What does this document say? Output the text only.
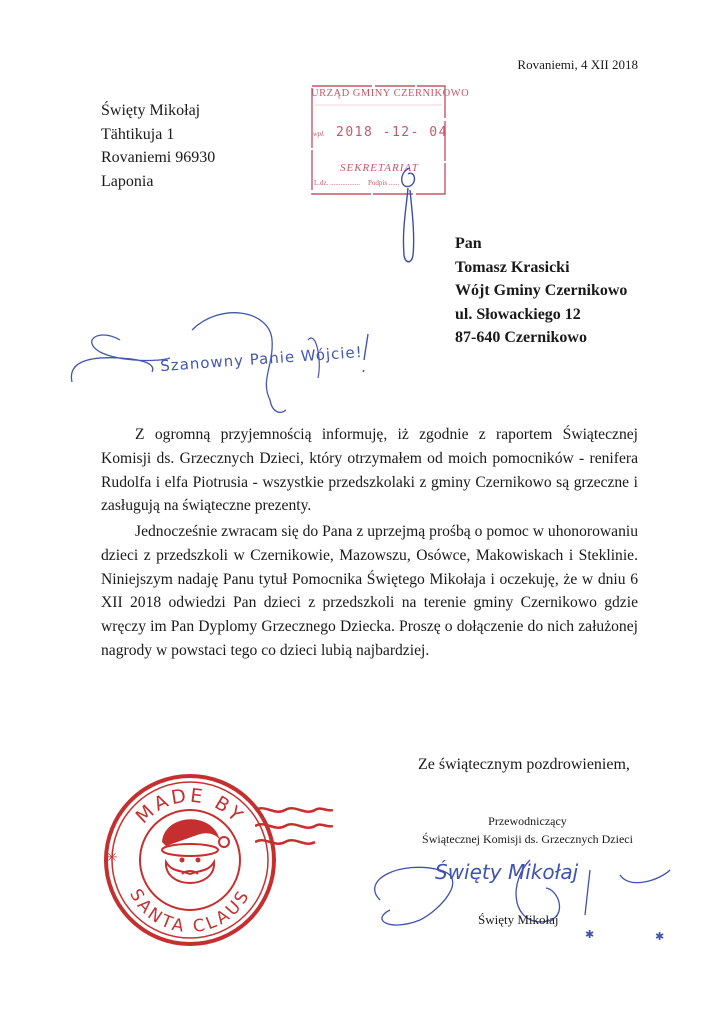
Rovaniemi, 4 XII 2018
Święty Mikołaj
Tähtikuja 1
Rovaniemi 96930
Laponia
URZĄD GMINY CZERNIKOWO
wpł. 2018 -12- 04
SEKRETARIAT
L.dz. ................. Podpis ......
Pan
Tomasz Krasicki
Wójt Gminy Czernikowo
ul. Słowackiego 12
87-640 Czernikowo
Szanowny Panie Wójcie!

Z ogromną przyjemnością informuję, iż zgodnie z raportem Świątecznej Komisji ds. Grzecznych Dzieci, który otrzymałem od moich pomocników - renifera Rudolfa i elfa Piotrusia - wszystkie przedszkolaki z gminy Czernikowo są grzeczne i zasługują na świąteczne prezenty.

Jednocześnie zwracam się do Pana z uprzejmą prośbą o pomoc w uhonorowaniu dzieci z przedszkoli w Czernikowie, Mazowszu, Osówce, Makowiskach i Steklinie. Niniejszym nadaję Panu tytuł Pomocnika Świętego Mikołaja i oczekuję, że w dniu 6 XII 2018 odwiedzi Pan dzieci z przedszkoli na terenie gminy Czernikowo gdzie wręczy im Pan Dyplomy Grzecznego Dziecka. Proszę o dołączenie do nich załużonej nagrody w powstaci tego co dzieci lubią najbardziej.

Ze świątecznym pozdrowieniem,
Przewodniczący
Świątecznej Komisji ds. Grzecznych Dzieci
✱	✱
Święty Mikołaj
Święty Mikołaj
MADE BY
SANTA CLAUS
✳
